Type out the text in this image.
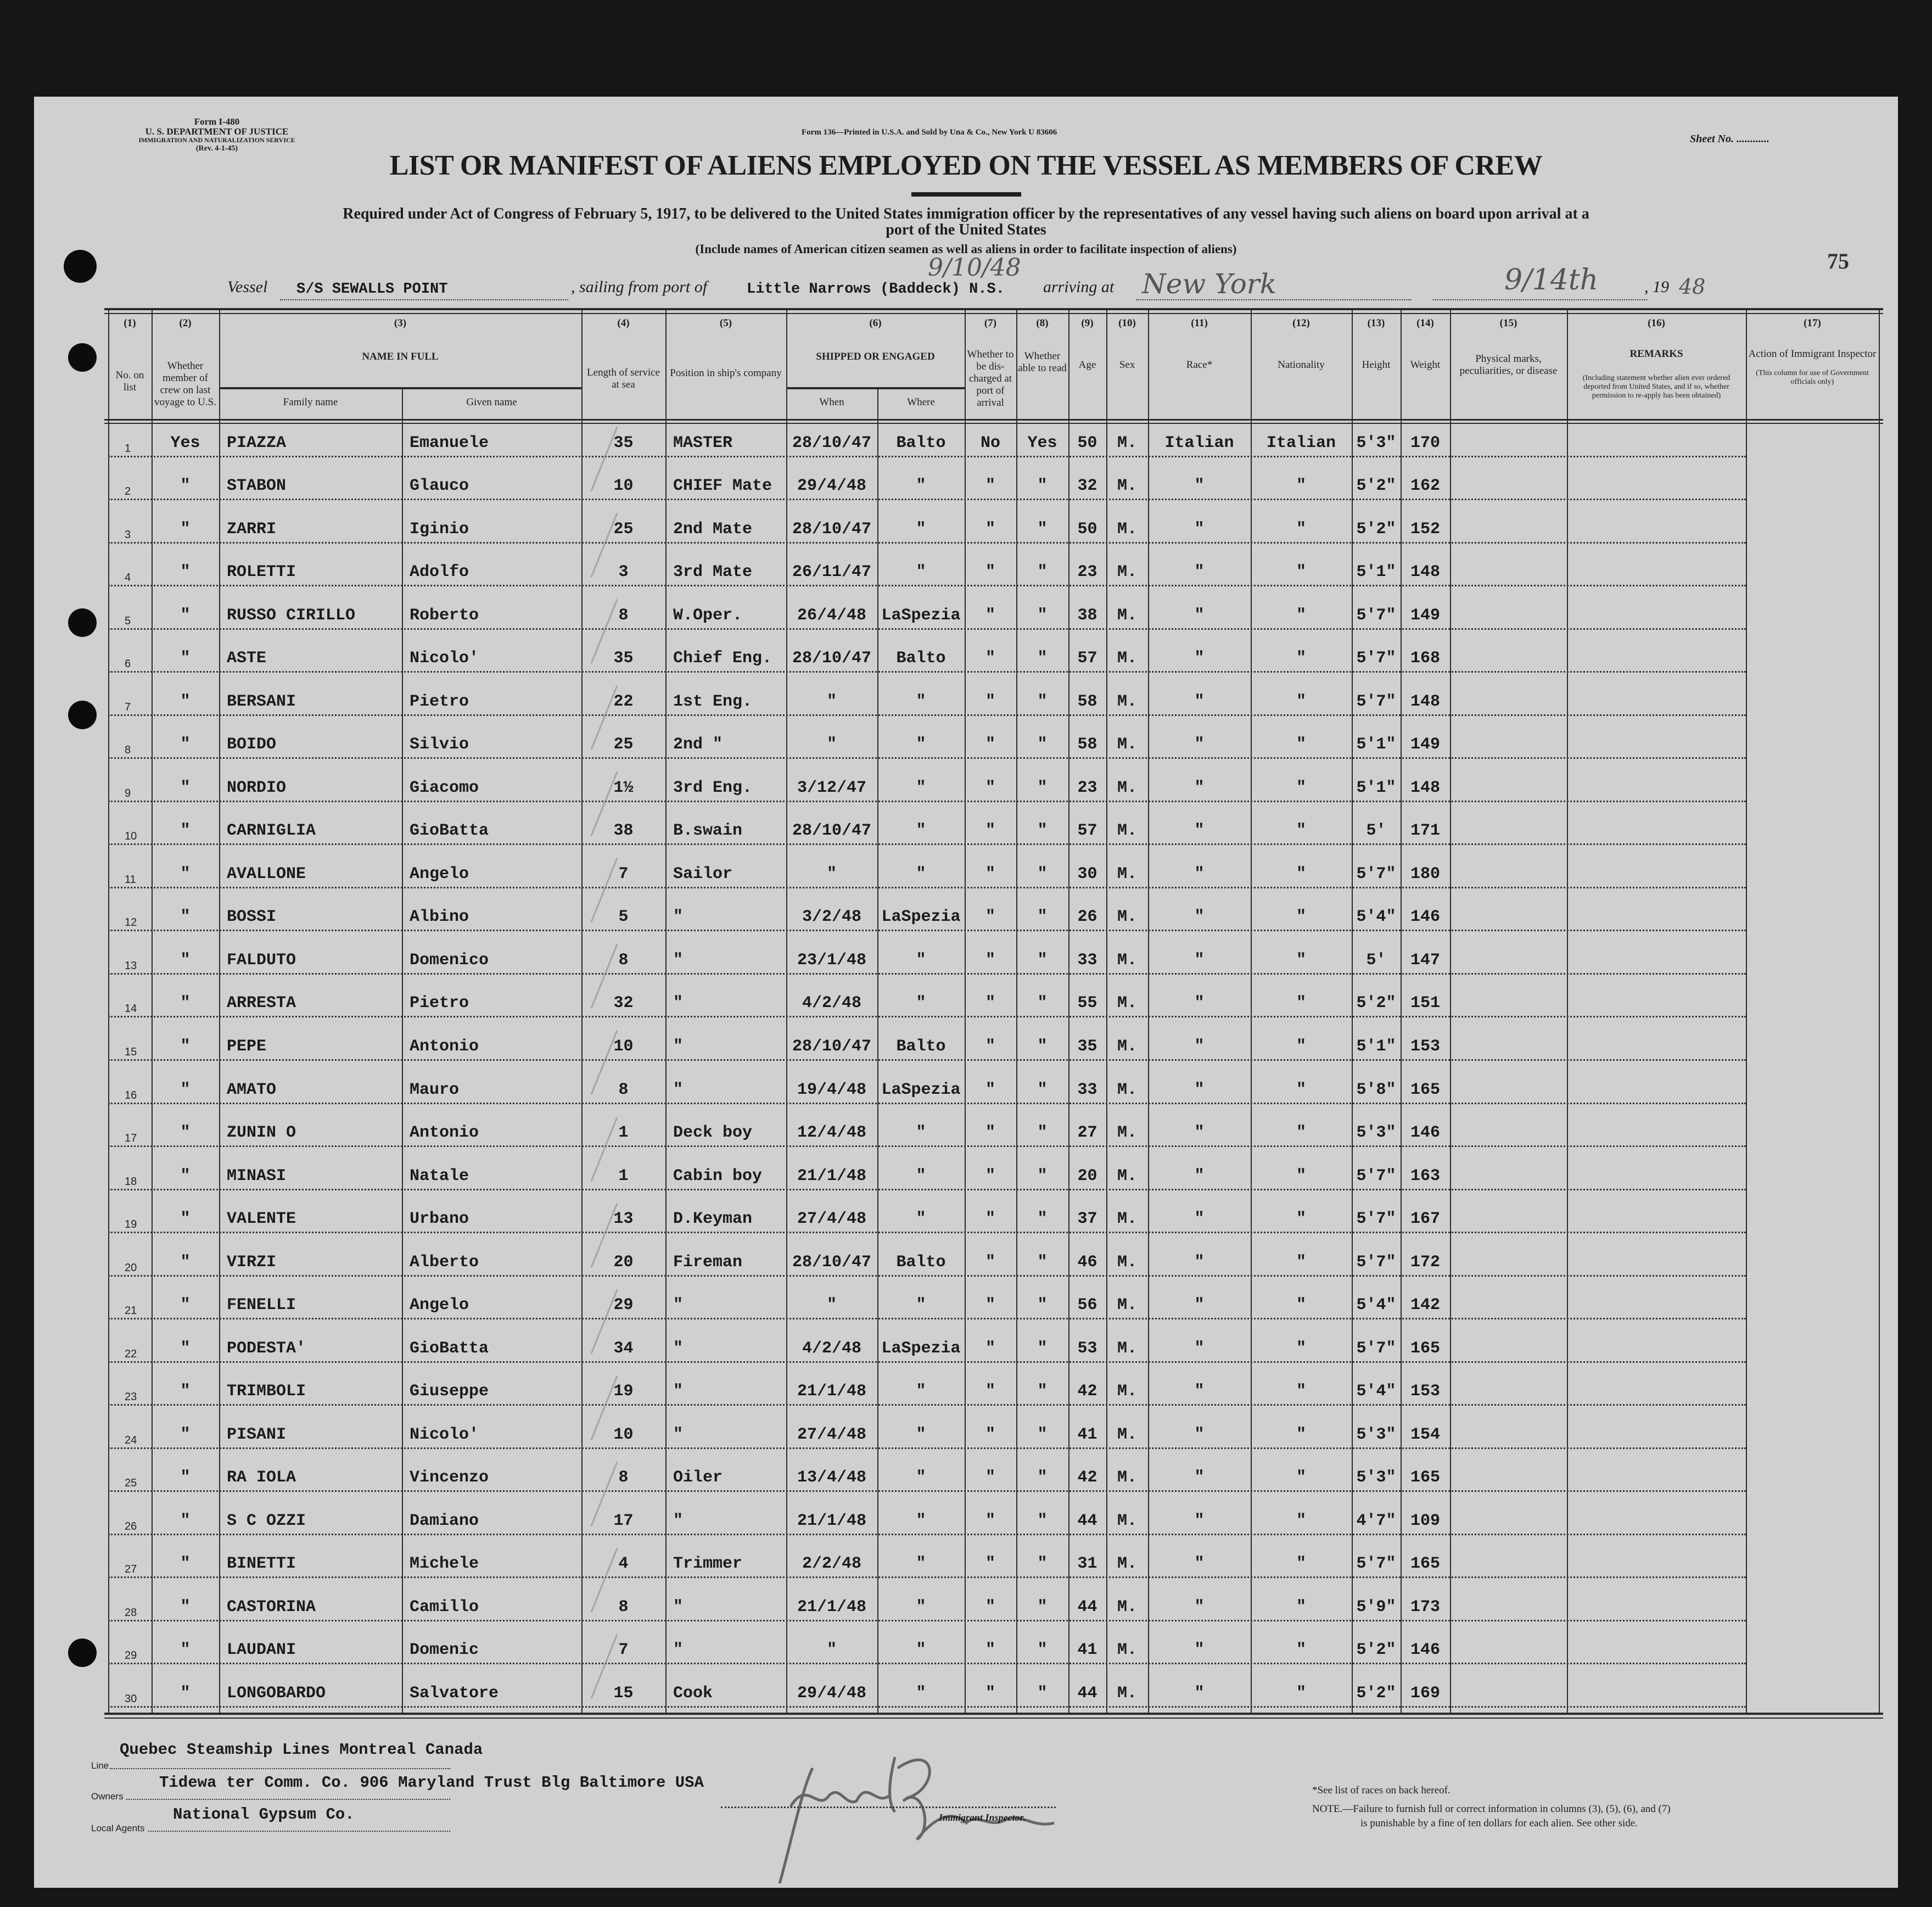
Form I-480
U. S. DEPARTMENT OF JUSTICE
IMMIGRATION AND NATURALIZATION SERVICE
(Rev. 4-1-45)
Form 136—Printed in U.S.A. and Sold by Una & Co., New York U 83606
Sheet No. ............
LIST OR MANIFEST OF ALIENS EMPLOYED ON THE VESSEL AS MEMBERS OF CREW
Required under Act of Congress of February 5, 1917, to be delivered to the United States immigration officer by the representatives of any vessel having such aliens on board upon arrival at a
port of the United States
(Include names of American citizen seamen as well as aliens in order to facilitate inspection of aliens)	75
Vessel S/S SEWALLS POINT	, sailing from port of	Little Narrows (Baddeck) N.S.
9/10/48
arriving at New York	9/14th	, 19 48
(1)	(2)	(3)	(4)	(5)	(6)	(7)	(8)	(9)	(10)	(11)	(12)	(13)	(14)	(15)	(16)	(17)
No. on list
Whether member of crew on last voyage to U.S.
NAME IN FULL
Length of service at sea
Position in ship's company
SHIPPED OR ENGAGED	Whether to be dis-charged at port of arrival
Whether able to read	Age	Sex	Race*	Nationality	Height	Weight
Physical marks, peculiarities, or disease
REMARKS	Action of Immigrant Inspector
(Including statement whether alien ever ordered deported from United States, and if so, whether permission to re-apply has been obtained)
(This column for use of Government officials only)
Family name	Given name	When	Where
1	Yes	PIAZZA	Emanuele	35	MASTER	28/10/47	Balto	No	Yes	50	M.	Italian	Italian	5'3" 170
2	"	STABON	Glauco	10	CHIEF Mate	29/4/48	"	"	"	32	M.	"	"	5'2" 162
3	"	ZARRI	Iginio	25	2nd Mate	28/10/47	"	"	"	50	M.	"	"	5'2" 152
4	"	ROLETTI	Adolfo	3	3rd Mate	26/11/47	"	"	"	23	M.	"	"	5'1" 148
5	"	RUSSO CIRILLO	Roberto	8	W.Oper.	26/4/48 LaSpezia	"	"	38	M.	"	"	5'7" 149
6	"	ASTE	Nicolo'	35	Chief Eng.	28/10/47	Balto	"	"	57	M.	"	"	5'7" 168
7	"	BERSANI	Pietro	22	1st Eng.	"	"	"	"	58	M.	"	"	5'7" 148
8	"	BOIDO	Silvio	25	2nd "	"	"	"	"	58	M.	"	"	5'1" 149
9	"	NORDIO	Giacomo	1½	3rd Eng.	3/12/47	"	"	"	23	M.	"	"	5'1" 148
10	"	CARNIGLIA	GioBatta	38	B.swain	28/10/47	"	"	"	57	M.	"	"	5'	171
11	"	AVALLONE	Angelo	7	Sailor	"	"	"	"	30	M.	"	"	5'7" 180
12	"	BOSSI	Albino	5	"	3/2/48	LaSpezia	"	"	26	M.	"	"	5'4" 146
13	"	FALDUTO	Domenico	8	"	23/1/48	"	"	"	33	M.	"	"	5'	147
14	"	ARRESTA	Pietro	32	"	4/2/48	"	"	"	55	M.	"	"	5'2" 151
15	"	PEPE	Antonio	10	"	28/10/47	Balto	"	"	35	M.	"	"	5'1" 153
16	"	AMATO	Mauro	8	"	19/4/48 LaSpezia	"	"	33	M.	"	"	5'8" 165
17	"	ZUNIN O	Antonio	1	Deck boy	12/4/48	"	"	"	27	M.	"	"	5'3" 146
18	"	MINASI	Natale	1	Cabin boy	21/1/48	"	"	"	20	M.	"	"	5'7" 163
19	"	VALENTE	Urbano	13	D.Keyman	27/4/48	"	"	"	37	M.	"	"	5'7" 167
20	"	VIRZI	Alberto	20	Fireman	28/10/47	Balto	"	"	46	M.	"	"	5'7" 172
21	"	FENELLI	Angelo	29	"	"	"	"	"	56	M.	"	"	5'4" 142
22	"	PODESTA'	GioBatta	34	"	4/2/48	LaSpezia	"	"	53	M.	"	"	5'7" 165
23	"	TRIMBOLI	Giuseppe	19	"	21/1/48	"	"	"	42	M.	"	"	5'4" 153
24	"	PISANI	Nicolo'	10	"	27/4/48	"	"	"	41	M.	"	"	5'3" 154
25	"	RA IOLA	Vincenzo	8	Oiler	13/4/48	"	"	"	42	M.	"	"	5'3" 165
26	"	S C OZZI	Damiano	17	"	21/1/48	"	"	"	44	M.	"	"	4'7" 109
27	"	BINETTI	Michele	4	Trimmer	2/2/48	"	"	"	31	M.	"	"	5'7" 165
28	"	CASTORINA	Camillo	8	"	21/1/48	"	"	"	44	M.	"	"	5'9" 173
29	"	LAUDANI	Domenic	7	"	"	"	"	"	41	M.	"	"	5'2" 146
30	"	LONGOBARDO	Salvatore	15	Cook	29/4/48	"	"	"	44	M.	"	"	5'2" 169
Quebec Steamship Lines Montreal Canada
Line
Tidewa ter Comm. Co. 906 Maryland Trust Blg Baltimore USA
Owners
National Gypsum Co.
Local Agents
Immigrant Inspector.
*See list of races on back hereof.
NOTE.—Failure to furnish full or correct information in columns (3), (5), (6), and (7)
is punishable by a fine of ten dollars for each alien. See other side.
